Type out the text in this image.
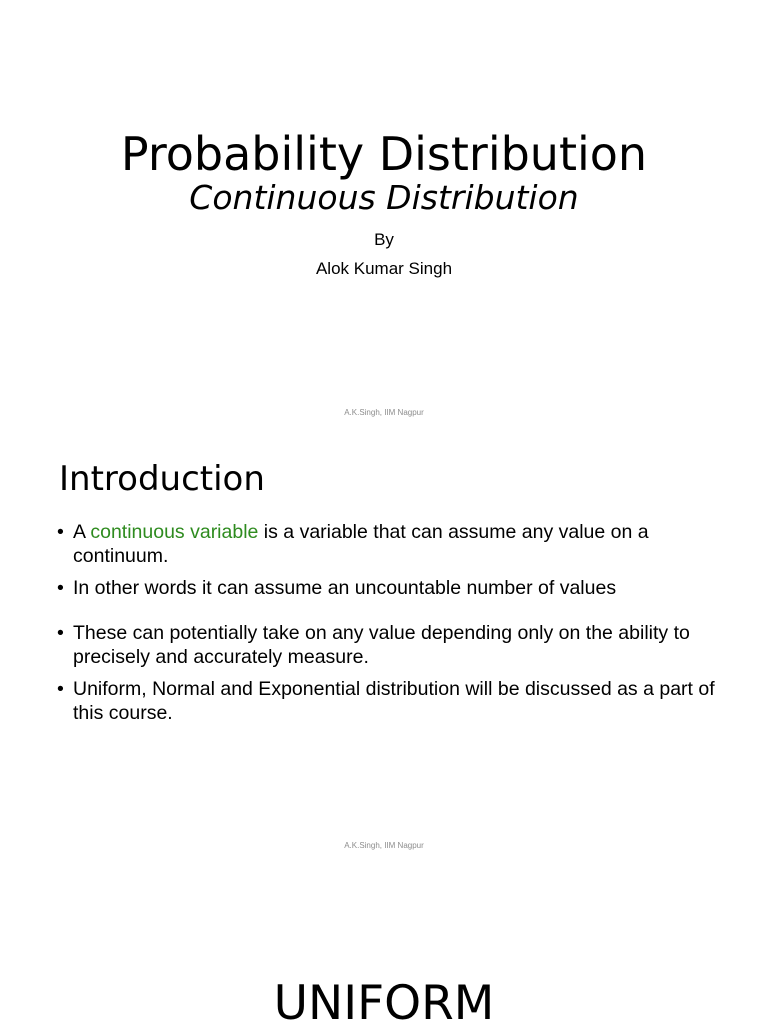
Probability Distribution
Continuous Distribution
By
Alok Kumar Singh
A.K.Singh, IIM Nagpur
Introduction
• A continuous variable is a variable that can assume any value on a continuum.
• In other words it can assume an uncountable number of values
• These can potentially take on any value depending only on the ability to precisely and accurately measure.
• Uniform, Normal and Exponential distribution will be discussed as a part of this course.
A.K.Singh, IIM Nagpur
UNIFORM
